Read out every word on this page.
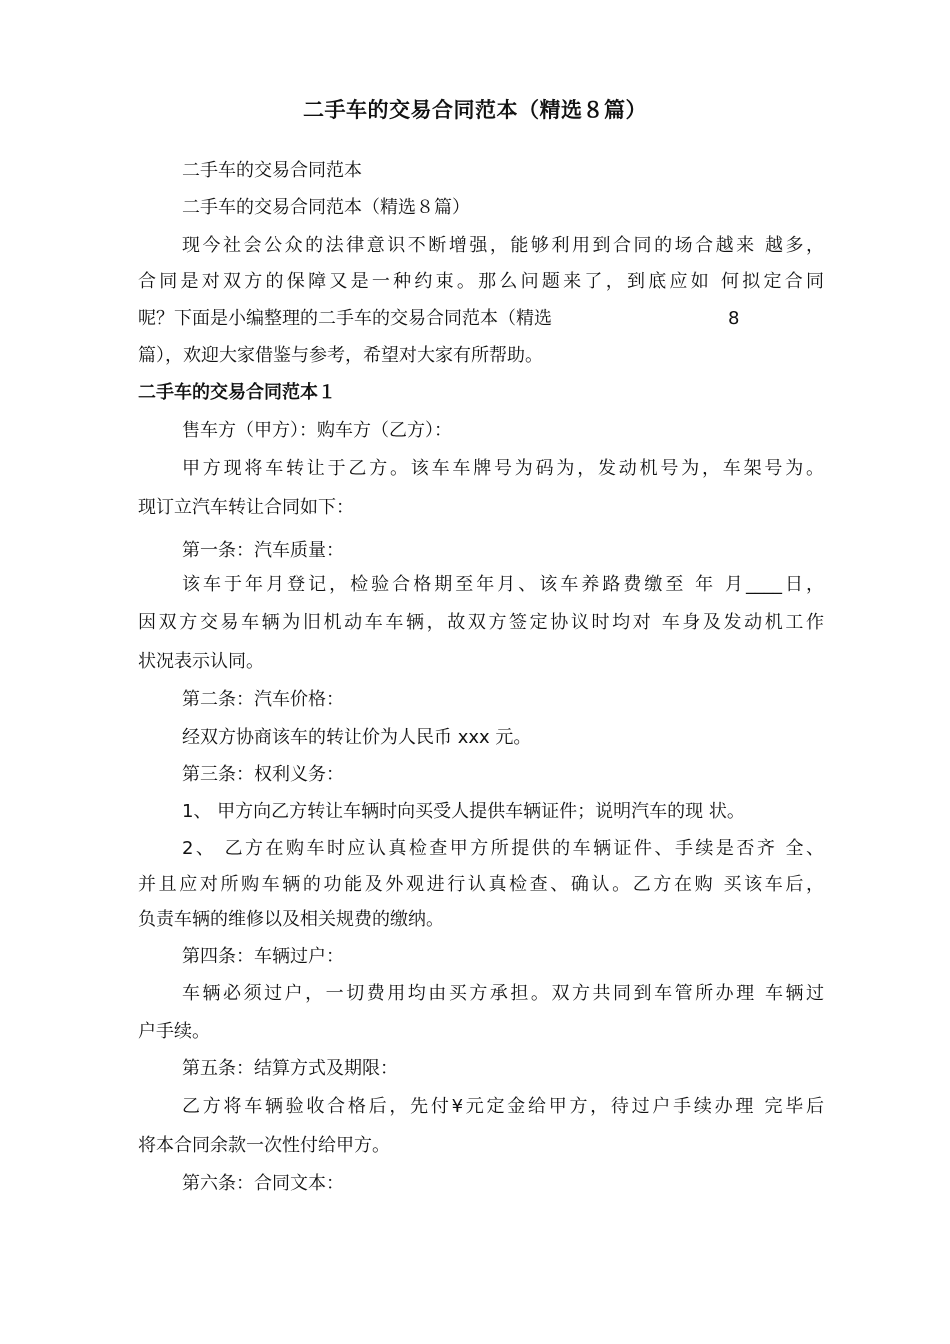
二手车的交易合同范本（精选８篇）
二手车的交易合同范本
二手车的交易合同范本（精选８篇）
现今社会公众的法律意识不断增强，能够利用到合同的场合越来 越多，
合同是对双方的保障又是一种约束。那么问题来了，到底应如 何拟定合同
呢？下面是小编整理的二手车的交易合同范本（精选	8
篇），欢迎大家借鉴与参考，希望对大家有所帮助。
二手车的交易合同范本１
售车方（甲方）：购车方（乙方）：
甲方现将车转让于乙方。该车车牌号为码为，发动机号为，车架号为。
现订立汽车转让合同如下：
第一条：汽车质量：
该车于年月登记，检验合格期至年月、该车养路费缴至 年 月____日，
因双方交易车辆为旧机动车车辆，故双方签定协议时均对 车身及发动机工作
状况表示认同。
第二条：汽车价格：
经双方协商该车的转让价为人民币 xxx 元。
第三条：权利义务：
1、 甲方向乙方转让车辆时向买受人提供车辆证件；说明汽车的现 状。
2、 乙方在购车时应认真检查甲方所提供的车辆证件、手续是否齐 全、
并且应对所购车辆的功能及外观进行认真检查、确认。乙方在购 买该车后，
负责车辆的维修以及相关规费的缴纳。
第四条：车辆过户：
车辆必须过户，一切费用均由买方承担。双方共同到车管所办理 车辆过
户手续。
第五条：结算方式及期限：
乙方将车辆验收合格后，先付¥元定金给甲方，待过户手续办理 完毕后
将本合同余款一次性付给甲方。
第六条：合同文本：
